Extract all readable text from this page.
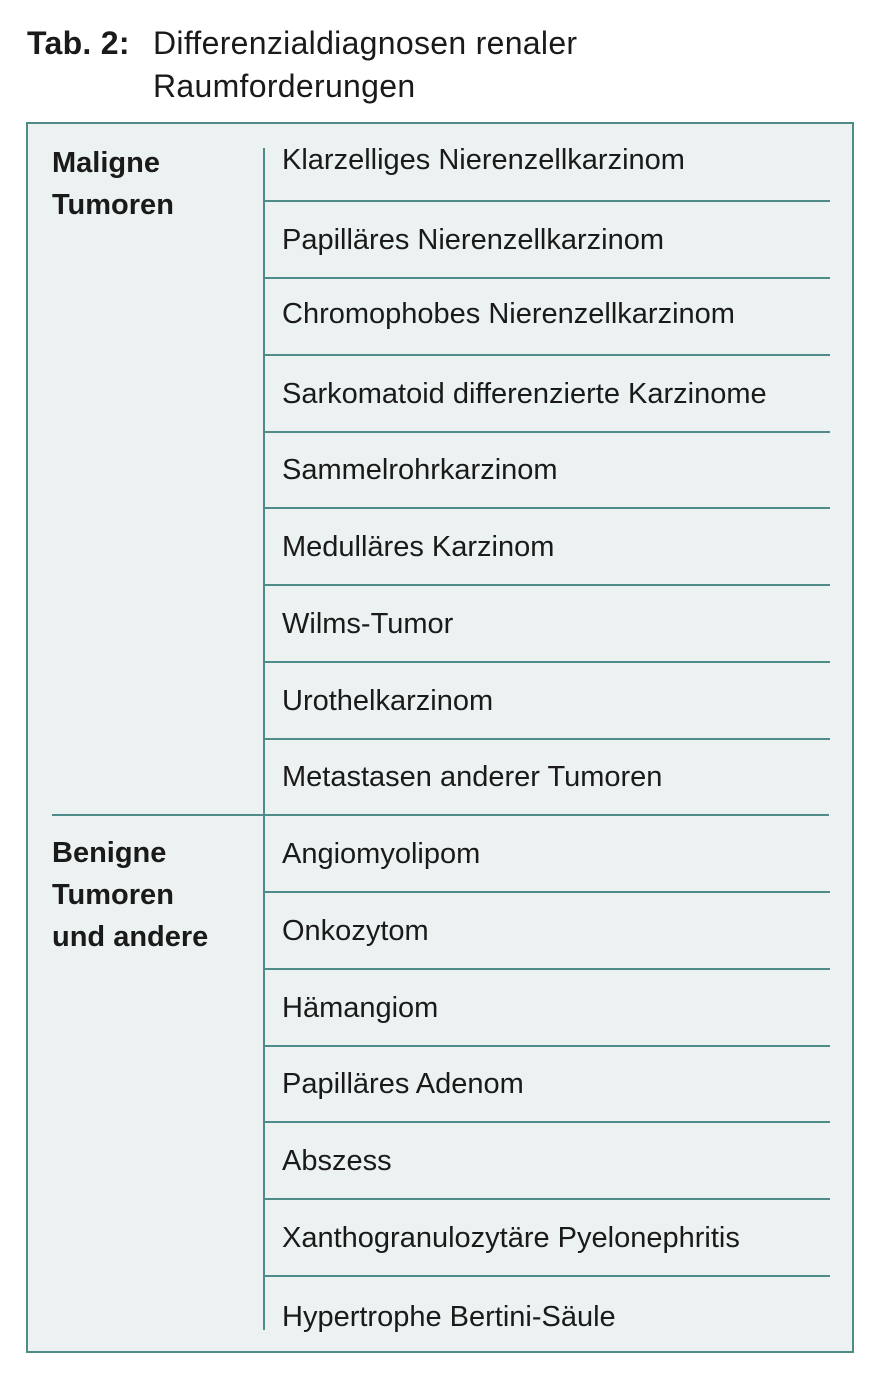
Tab. 2: Differenzialdiagnosen renaler
Raumforderungen
Maligne
Tumoren
Klarzelliges Nierenzellkarzinom
Papilläres Nierenzellkarzinom
Chromophobes Nierenzellkarzinom
Sarkomatoid differenzierte Karzinome
Sammelrohrkarzinom
Medulläres Karzinom
Wilms-Tumor
Urothelkarzinom
Metastasen anderer Tumoren
Benigne
Tumoren
und andere
Angiomyolipom
Onkozytom
Hämangiom
Papilläres Adenom
Abszess
Xanthogranulozytäre Pyelonephritis
Hypertrophe Bertini-Säule
